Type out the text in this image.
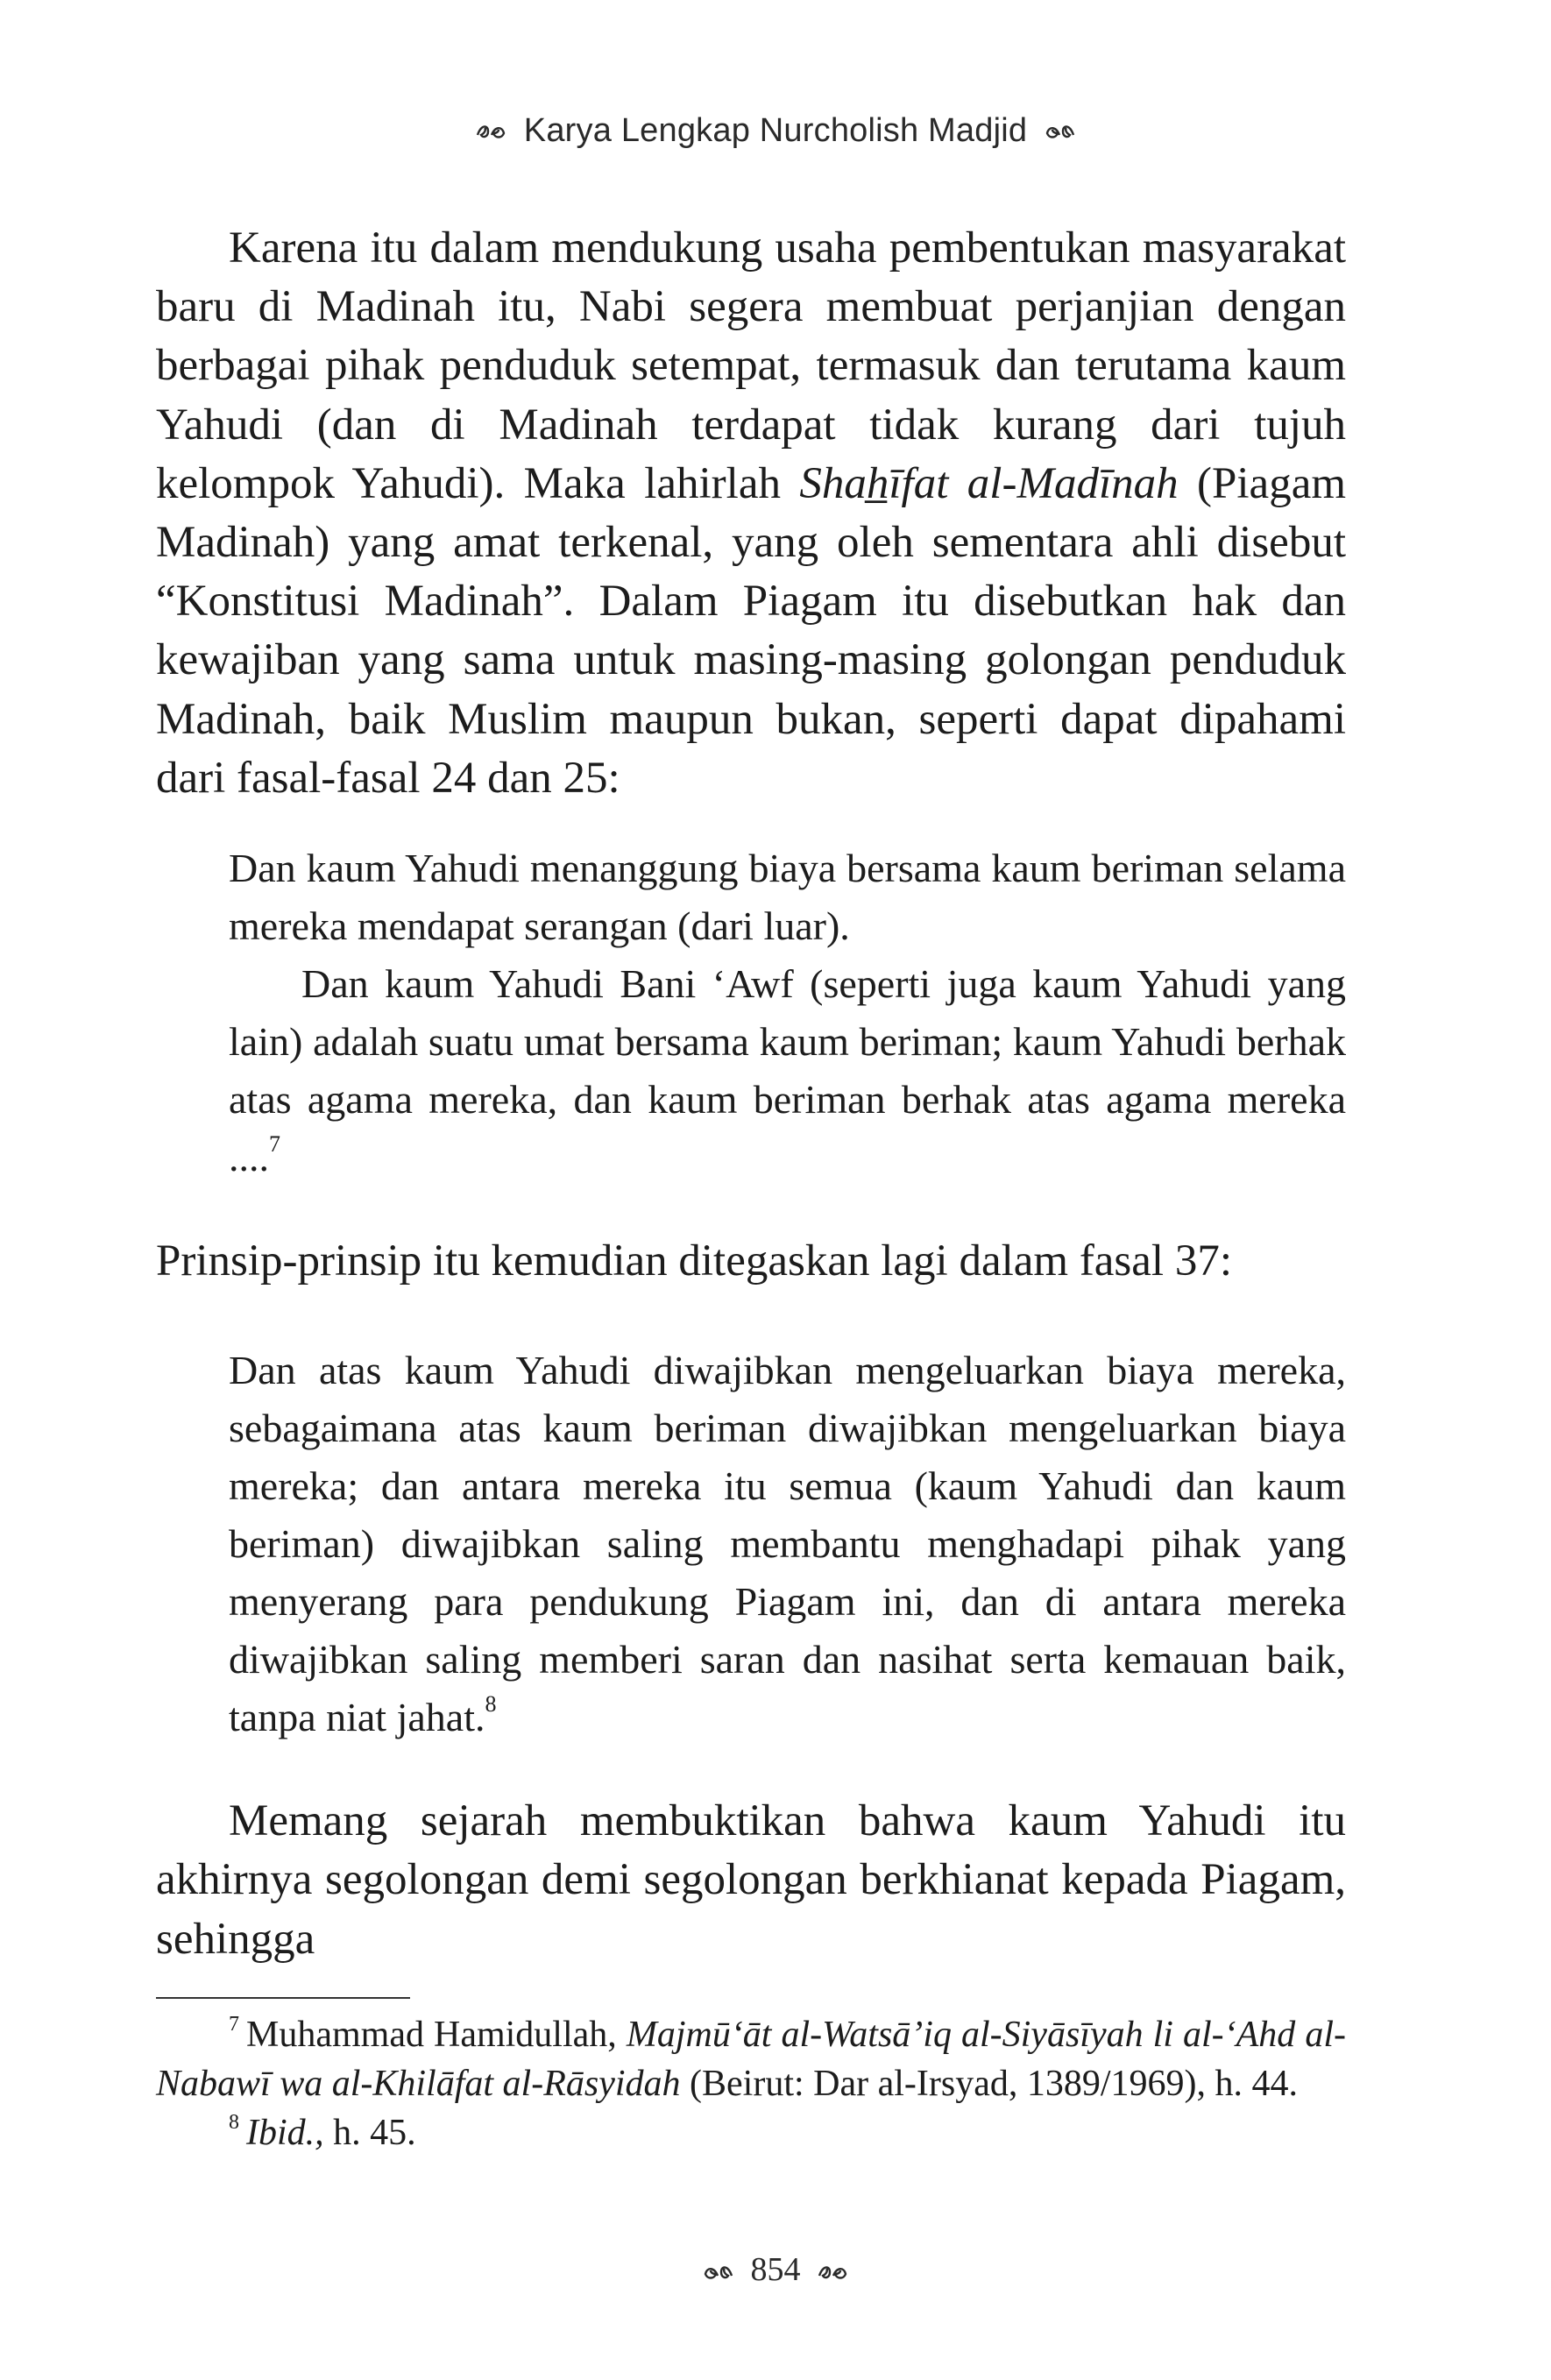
Karya Lengkap Nurcholish Madjid

Karena itu dalam mendukung usaha pembentukan masyarakat baru di Madinah itu, Nabi segera membuat perjanjian dengan berbagai pihak penduduk setempat, termasuk dan terutama kaum Yahudi (dan di Madinah terdapat tidak kurang dari tujuh kelompok Yahudi). Maka lahirlah Shah̲īfat al-Madīnah (Piagam Madinah) yang amat terkenal, yang oleh sementara ahli disebut “Konstitusi Madinah”. Dalam Piagam itu disebutkan hak dan kewajiban yang sama untuk masing-masing golongan penduduk Madinah, baik Muslim maupun bukan, seperti dapat dipahami dari fasal-fasal 24 dan 25:

Dan kaum Yahudi menanggung biaya bersama kaum beriman selama mereka mendapat serangan (dari luar).

Dan kaum Yahudi Bani ‘Awf (seperti juga kaum Yahudi yang lain) adalah suatu umat bersama kaum beriman; kaum Yahudi berhak atas agama mereka, dan kaum beriman berhak atas agama mereka ....$^7$

Prinsip-prinsip itu kemudian ditegaskan lagi dalam fasal 37:

Dan atas kaum Yahudi diwajibkan mengeluarkan biaya mereka, sebagaimana atas kaum beriman diwajibkan mengeluarkan biaya mereka; dan antara mereka itu semua (kaum Yahudi dan kaum beriman) diwajibkan saling membantu menghadapi pihak yang menyerang para pendukung Piagam ini, dan di antara mereka diwajibkan saling memberi saran dan nasihat serta kemauan baik, tanpa niat jahat.$^8$

Memang sejarah membuktikan bahwa kaum Yahudi itu akhirnya segolongan demi segolongan berkhianat kepada Piagam, sehingga

$^7$ Muhammad Hamidullah, Majmū‘āt al-Watsā’iq al-Siyāsīyah li al-‘Ahd al-Nabawī wa al-Khilāfat al-Rāsyidah (Beirut: Dar al-Irsyad, 1389/1969), h. 44.

$^8$ Ibid., h. 45.

854
